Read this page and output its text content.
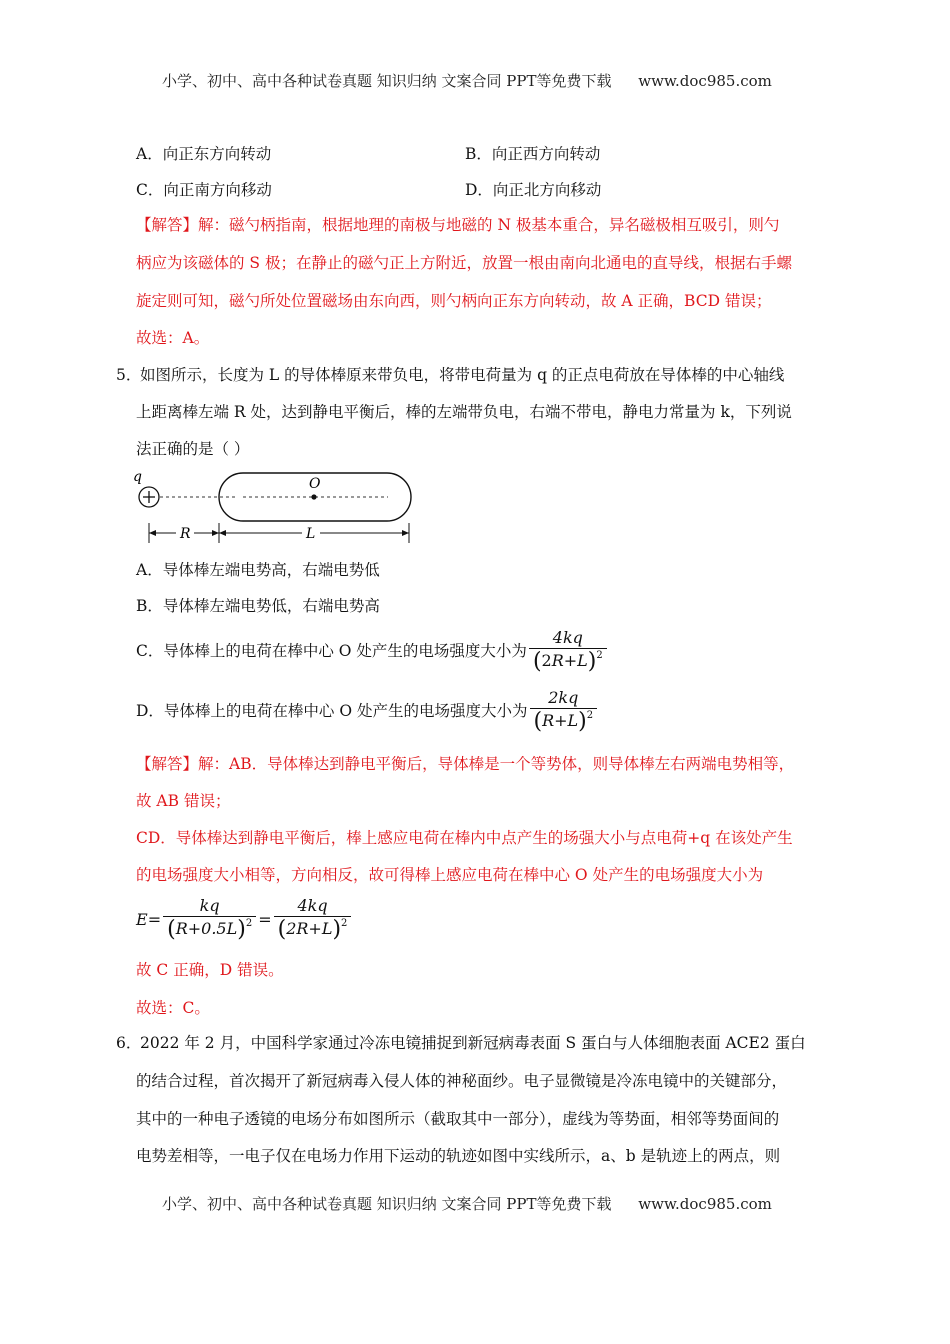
小学、初中、高中各种试卷真题 知识归纳 文案合同 PPT等免费下载 www.doc985.com
A．向正东方向转动	B．向正西方向转动
C．向正南方向移动	D．向正北方向移动
【解答】解：磁勺柄指南，根据地理的南极与地磁的 N 极基本重合，异名磁极相互吸引，则勺
柄应为该磁体的 S 极；在静止的磁勺正上方附近，放置一根由南向北通电的直导线，根据右手螺
旋定则可知，磁勺所处位置磁场由东向西，则勺柄向正东方向转动，故 A 正确，BCD 错误；
故选：A。
5．
如图所示，长度为 L 的导体棒原来带负电，将带电荷量为 q 的正点电荷放在导体棒的中心轴线
上距离棒左端 R 处，达到静电平衡后，棒的左端带负电，右端不带电，静电力常量为 k，下列说
法正确的是（ ）
q	O
R	L
A．导体棒左端电势高，右端电势低
B．导体棒左端电势低，右端电势高
C．导体棒上的电荷在棒中心 O 处产生的电场强度大小为 $\frac{4kq}{(2R+L)^2}$
D．导体棒上的电荷在棒中心 O 处产生的电场强度大小为 $\frac{2kq}{(R+L)^2}$
【解答】解：AB．导体棒达到静电平衡后，导体棒是一个等势体，则导体棒左右两端电势相等，
故 AB 错误；
CD．导体棒达到静电平衡后，棒上感应电荷在棒内中点产生的场强大小与点电荷+q 在该处产生
的电场强度大小相等，方向相反，故可得棒上感应电荷在棒中心 O 处产生的电场强度大小为
$E = \frac{kq}{(R+0.5L)^2} = \frac{4kq}{(2R+L)^2}$
故 C 正确，D 错误。
故选：C。
6．
2022 年 2 月，中国科学家通过冷冻电镜捕捉到新冠病毒表面 S 蛋白与人体细胞表面 ACE2 蛋白
的结合过程，首次揭开了新冠病毒入侵人体的神秘面纱。电子显微镜是冷冻电镜中的关键部分，
其中的一种电子透镜的电场分布如图所示（截取其中一部分），虚线为等势面，相邻等势面间的
电势差相等，一电子仅在电场力作用下运动的轨迹如图中实线所示，a、b 是轨迹上的两点，则
小学、初中、高中各种试卷真题 知识归纳 文案合同 PPT等免费下载 www.doc985.com
